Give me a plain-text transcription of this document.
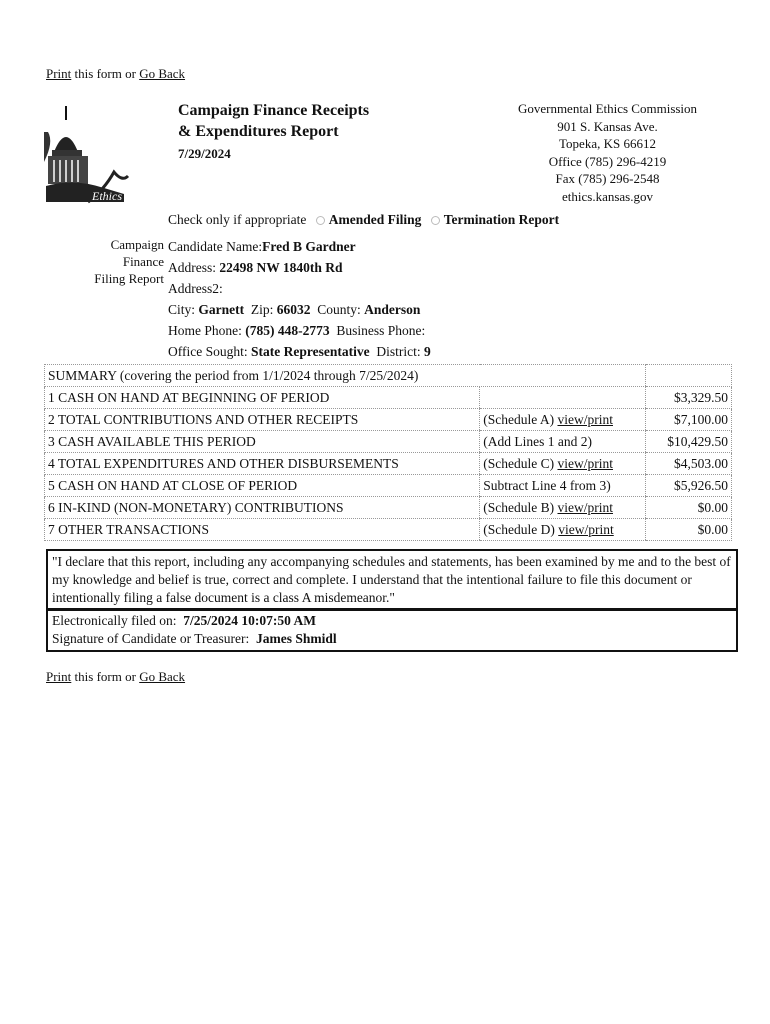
Print this form or Go Back
Ethics
Campaign Finance Receipts
& Expenditures Report
7/29/2024
Governmental Ethics Commission
901 S. Kansas Ave.
Topeka, KS 66612
Office (785) 296-4219
Fax (785) 296-2548
ethics.kansas.gov
Check only if appropriate Amended Filing Termination Report
Campaign
Finance
Filing Report
Candidate Name:Fred B Gardner
Address: 22498 NW 1840th Rd
Address2:
City: Garnett Zip: 66032 County: Anderson
Home Phone: (785) 448-2773 Business Phone:
Office Sought: State Representative District: 9
SUMMARY (covering the period from 1/1/2024 through 7/25/2024)		
1 CASH ON HAND AT BEGINNING OF PERIOD		$3,329.50
2 TOTAL CONTRIBUTIONS AND OTHER RECEIPTS	(Schedule A) view/print	$7,100.00
3 CASH AVAILABLE THIS PERIOD	(Add Lines 1 and 2)	$10,429.50
4 TOTAL EXPENDITURES AND OTHER DISBURSEMENTS	(Schedule C) view/print	$4,503.00
5 CASH ON HAND AT CLOSE OF PERIOD	Subtract Line 4 from 3)	$5,926.50
6 IN-KIND (NON-MONETARY) CONTRIBUTIONS	(Schedule B) view/print	$0.00
7 OTHER TRANSACTIONS	(Schedule D) view/print	$0.00
"I declare that this report, including any accompanying schedules and statements, has been examined by me and to the best of my knowledge and belief is true, correct and complete. I understand that the intentional failure to file this document or intentionally filing a false document is a class A misdemeanor."
Electronically filed on: 7/25/2024 10:07:50 AM
Signature of Candidate or Treasurer: James Shmidl
Print this form or Go Back
